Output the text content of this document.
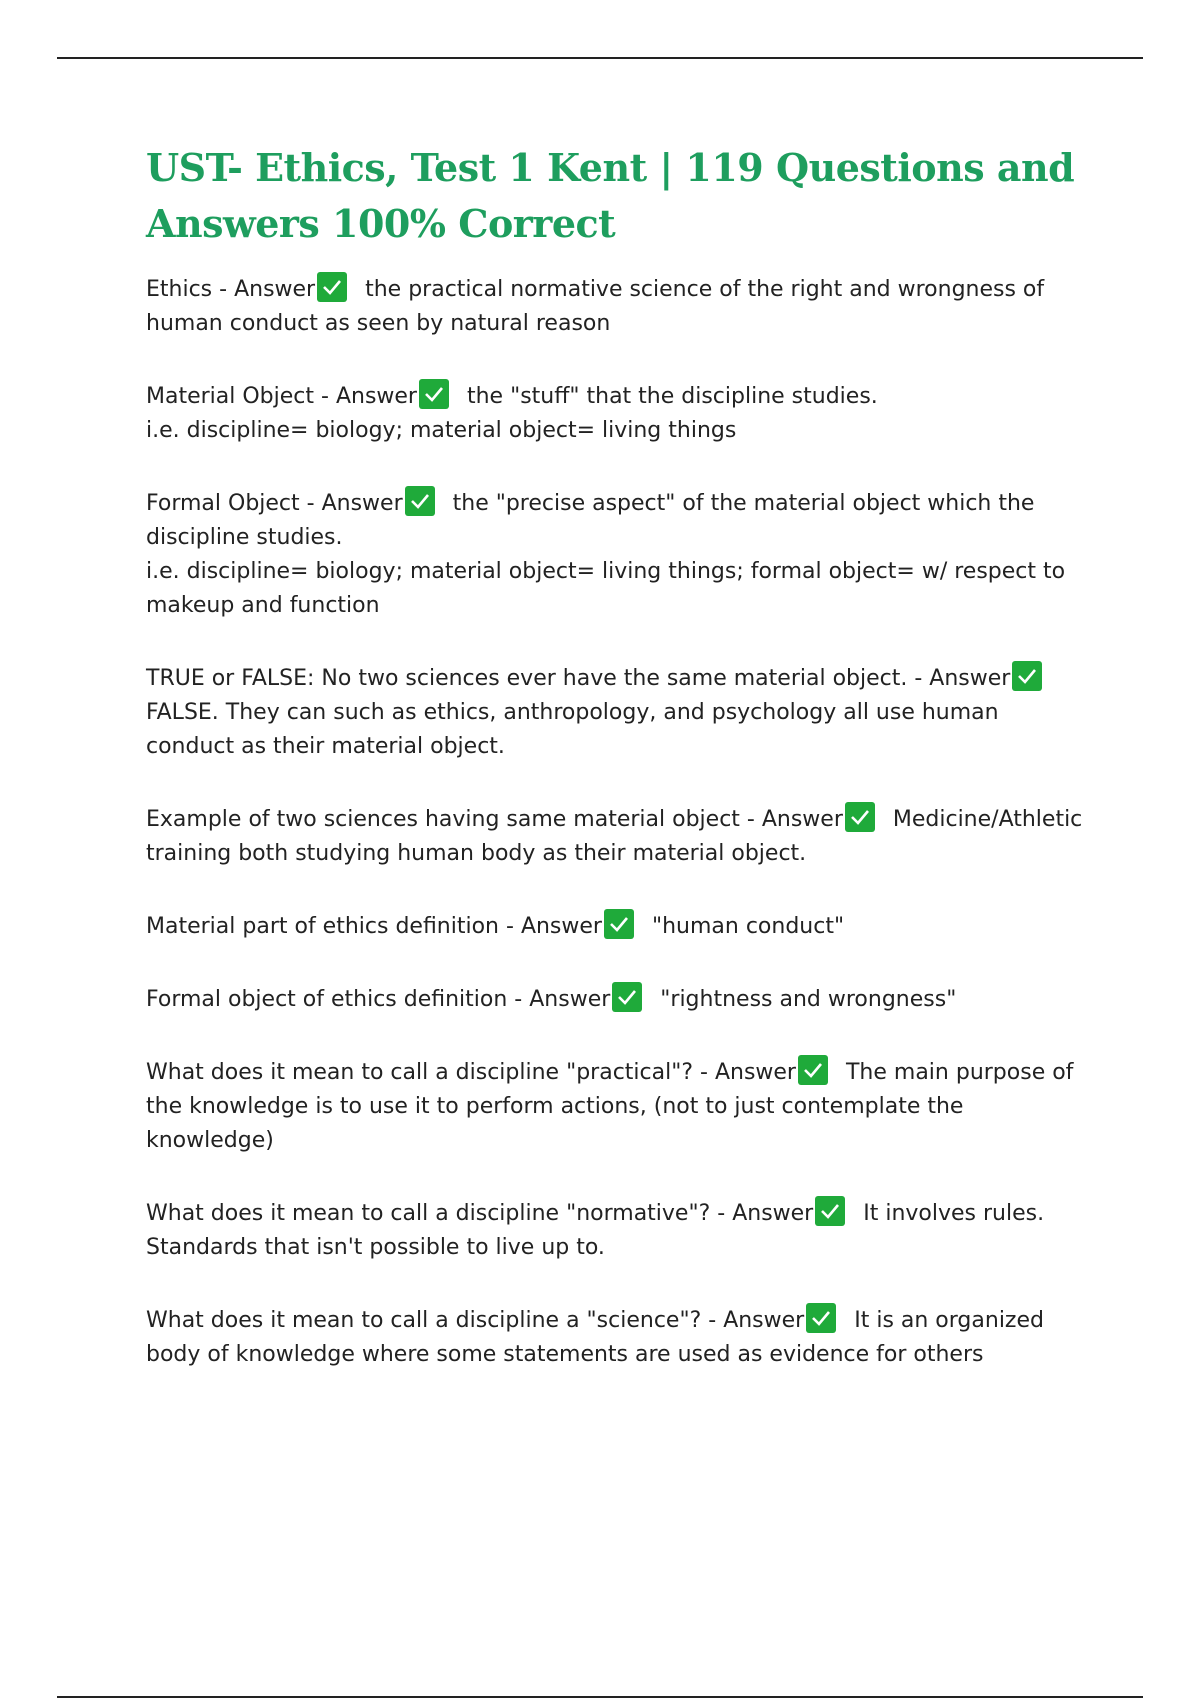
UST- Ethics, Test 1 Kent | 119 Questions and Answers 100% Correct
Ethics - Answer the practical normative science of the right and wrongness of human conduct as seen by natural reason
Material Object - Answer the "stuff" that the discipline studies.
i.e. discipline= biology; material object= living things
Formal Object - Answer the "precise aspect" of the material object which the discipline studies.
i.e. discipline= biology; material object= living things; formal object= w/ respect to makeup and function
TRUE or FALSE: No two sciences ever have the same material object. - Answer
FALSE. They can such as ethics, anthropology, and psychology all use human conduct as their material object.
Example of two sciences having same material object - Answer Medicine/Athletic training both studying human body as their material object.
Material part of ethics definition - Answer "human conduct"
Formal object of ethics definition - Answer "rightness and wrongness"
What does it mean to call a discipline "practical"? - Answer The main purpose of the knowledge is to use it to perform actions, (not to just contemplate the knowledge)
What does it mean to call a discipline "normative"? - Answer It involves rules. Standards that isn't possible to live up to.
What does it mean to call a discipline a "science"? - Answer It is an organized body of knowledge where some statements are used as evidence for others
